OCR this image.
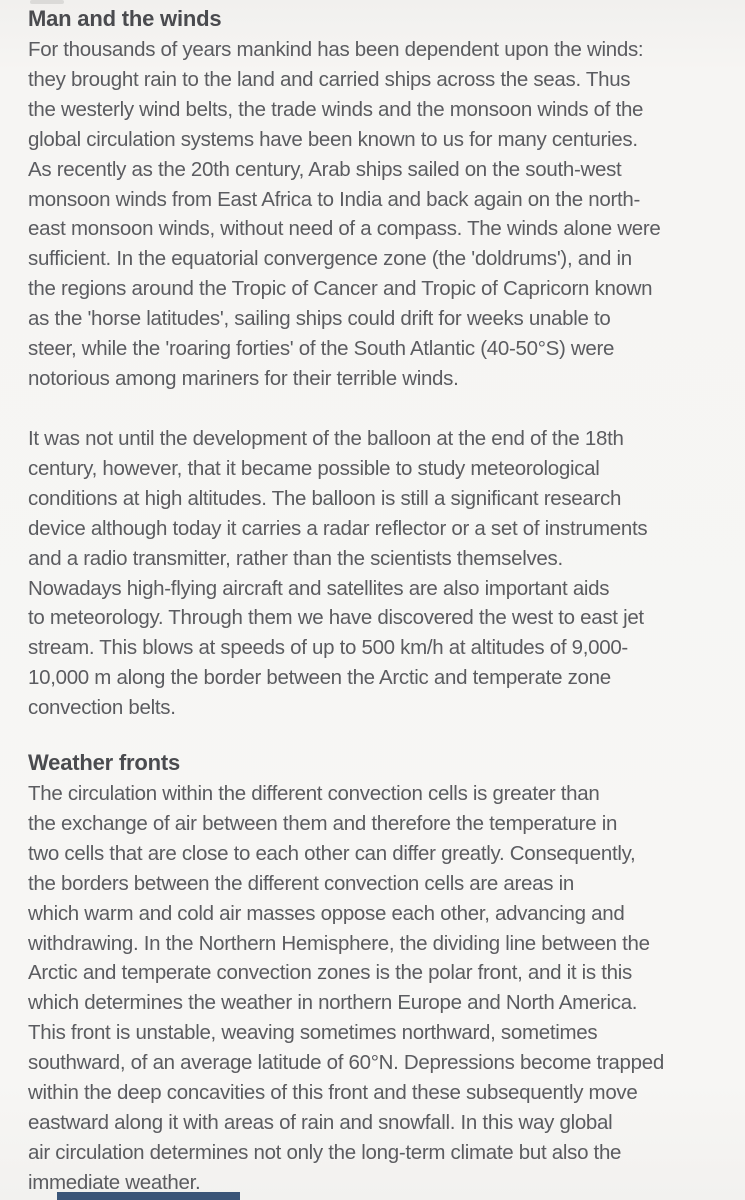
Man and the winds
For thousands of years mankind has been dependent upon the winds:
they brought rain to the land and carried ships across the seas. Thus
the westerly wind belts, the trade winds and the monsoon winds of the
global circulation systems have been known to us for many centuries.
As recently as the 20th century, Arab ships sailed on the south-west
monsoon winds from East Africa to India and back again on the north-
east monsoon winds, without need of a compass. The winds alone were
sufficient. In the equatorial convergence zone (the 'doldrums'), and in
the regions around the Tropic of Cancer and Tropic of Capricorn known
as the 'horse latitudes', sailing ships could drift for weeks unable to
steer, while the 'roaring forties' of the South Atlantic (40-50°S) were
notorious among mariners for their terrible winds.
It was not until the development of the balloon at the end of the 18th
century, however, that it became possible to study meteorological
conditions at high altitudes. The balloon is still a significant research
device although today it carries a radar reflector or a set of instruments
and a radio transmitter, rather than the scientists themselves.
Nowadays high-flying aircraft and satellites are also important aids
to meteorology. Through them we have discovered the west to east jet
stream. This blows at speeds of up to 500 km/h at altitudes of 9,000-
10,000 m along the border between the Arctic and temperate zone
convection belts.
Weather fronts
The circulation within the different convection cells is greater than
the exchange of air between them and therefore the temperature in
two cells that are close to each other can differ greatly. Consequently,
the borders between the different convection cells are areas in
which warm and cold air masses oppose each other, advancing and
withdrawing. In the Northern Hemisphere, the dividing line between the
Arctic and temperate convection zones is the polar front, and it is this
which determines the weather in northern Europe and North America.
This front is unstable, weaving sometimes northward, sometimes
southward, of an average latitude of 60°N. Depressions become trapped
within the deep concavities of this front and these subsequently move
eastward along it with areas of rain and snowfall. In this way global
air circulation determines not only the long-term climate but also the
immediate weather.
